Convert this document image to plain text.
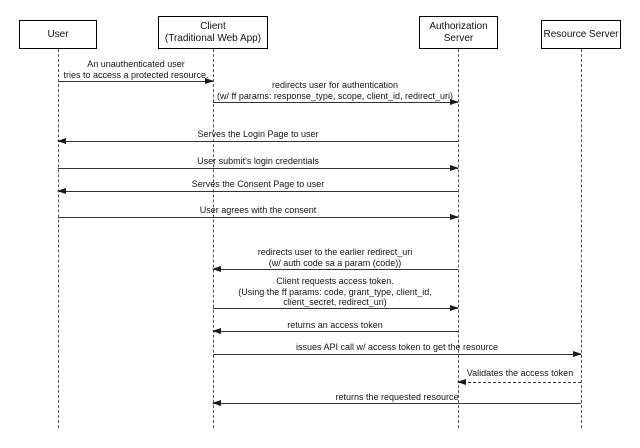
User
Client
(Traditional Web App)
Authorization
Server	Resource Server
An unauthenticated user
tries to access a protected resource.
redirects user for authentication
(w/ ff params: response_type, scope, client_id, redirect_uri)
Serves the Login Page to user
User submit's login credentials
Serves the Consent Page to user
User agrees with the consent
redirects user to the earlier redirect_uri
(w/ auth code sa a param (code))
Client requests access token.
(Using the ff params: code, grant_type, client_id,
client_secret, redirect_uri)
returns an access token
issues API call w/ access token to get the resource
Validates the access token
returns the requested resource
